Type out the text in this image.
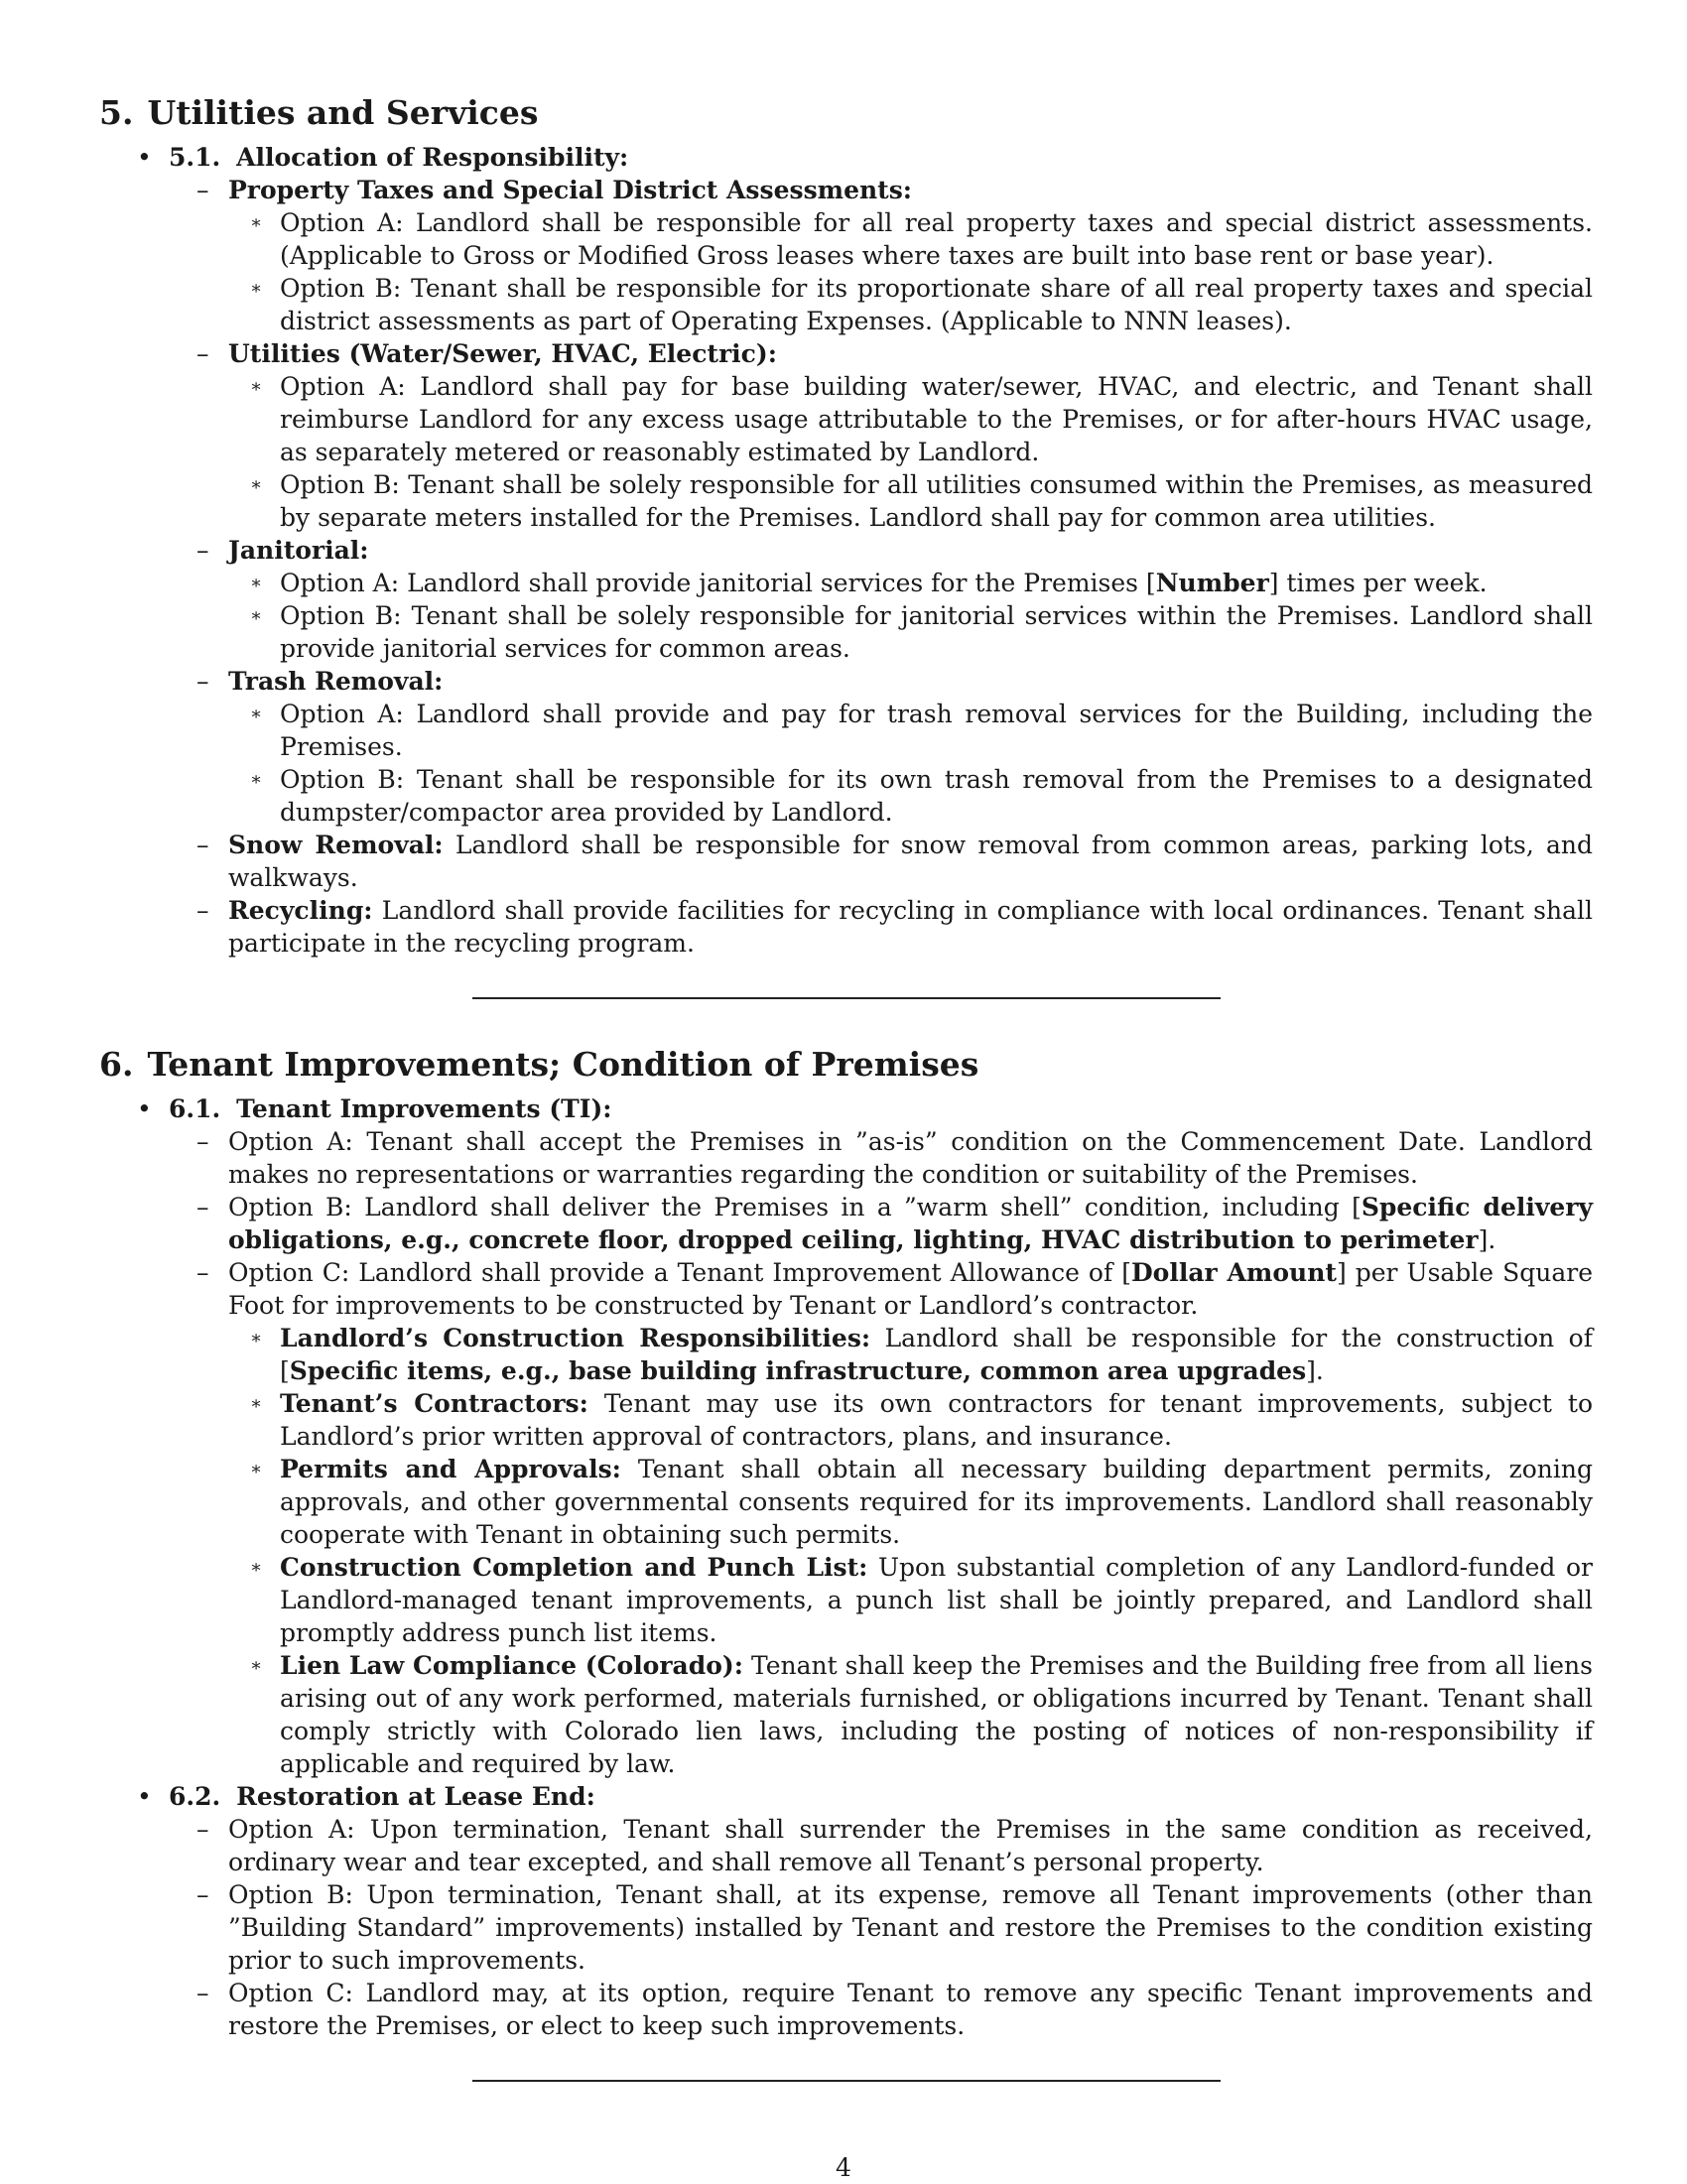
5. Utilities and Services
• 5.1. Allocation of Responsibility:
– Property Taxes and Special District Assessments:
∗ Option A: Landlord shall be responsible for all real property taxes and special district assessments. (Applicable to Gross or Modified Gross leases where taxes are built into base rent or base year).
∗ Option B: Tenant shall be responsible for its proportionate share of all real property taxes and special district assessments as part of Operating Expenses. (Applicable to NNN leases).
– Utilities (Water/Sewer, HVAC, Electric):
∗ Option A: Landlord shall pay for base building water/sewer, HVAC, and electric, and Tenant shall reimburse Landlord for any excess usage attributable to the Premises, or for after-hours HVAC usage, as separately metered or reasonably estimated by Landlord.
∗ Option B: Tenant shall be solely responsible for all utilities consumed within the Premises, as measured by separate meters installed for the Premises. Landlord shall pay for common area utilities.
– Janitorial:
∗ Option A: Landlord shall provide janitorial services for the Premises [Number] times per week.
∗ Option B: Tenant shall be solely responsible for janitorial services within the Premises. Landlord shall provide janitorial services for common areas.
– Trash Removal:
∗ Option A: Landlord shall provide and pay for trash removal services for the Building, including the Premises.
∗ Option B: Tenant shall be responsible for its own trash removal from the Premises to a designated dumpster/compactor area provided by Landlord.
– Snow Removal: Landlord shall be responsible for snow removal from common areas, parking lots, and walkways.
– Recycling: Landlord shall provide facilities for recycling in compliance with local ordinances. Tenant shall participate in the recycling program.
6. Tenant Improvements; Condition of Premises
• 6.1. Tenant Improvements (TI):
– Option A: Tenant shall accept the Premises in ”as-is” condition on the Commencement Date. Landlord makes no representations or warranties regarding the condition or suitability of the Premises.
– Option B: Landlord shall deliver the Premises in a ”warm shell” condition, including [Specific delivery obligations, e.g., concrete floor, dropped ceiling, lighting, HVAC distribution to perimeter].
– Option C: Landlord shall provide a Tenant Improvement Allowance of [Dollar Amount] per Usable Square Foot for improvements to be constructed by Tenant or Landlord’s contractor.
∗ Landlord’s Construction Responsibilities: Landlord shall be responsible for the construction of [Specific items, e.g., base building infrastructure, common area upgrades].
∗ Tenant’s Contractors: Tenant may use its own contractors for tenant improvements, subject to Landlord’s prior written approval of contractors, plans, and insurance.
∗ Permits and Approvals: Tenant shall obtain all necessary building department permits, zoning approvals, and other governmental consents required for its improvements. Landlord shall reasonably cooperate with Tenant in obtaining such permits.
∗ Construction Completion and Punch List: Upon substantial completion of any Landlord-funded or Landlord-managed tenant improvements, a punch list shall be jointly prepared, and Landlord shall promptly address punch list items.
∗ Lien Law Compliance (Colorado): Tenant shall keep the Premises and the Building free from all liens arising out of any work performed, materials furnished, or obligations incurred by Tenant. Tenant shall comply strictly with Colorado lien laws, including the posting of notices of non-responsibility if applicable and required by law.
• 6.2. Restoration at Lease End:
– Option A: Upon termination, Tenant shall surrender the Premises in the same condition as received, ordinary wear and tear excepted, and shall remove all Tenant’s personal property.
– Option B: Upon termination, Tenant shall, at its expense, remove all Tenant improvements (other than ”Building Standard” improvements) installed by Tenant and restore the Premises to the condition existing prior to such improvements.
– Option C: Landlord may, at its option, require Tenant to remove any specific Tenant improvements and restore the Premises, or elect to keep such improvements.
4
